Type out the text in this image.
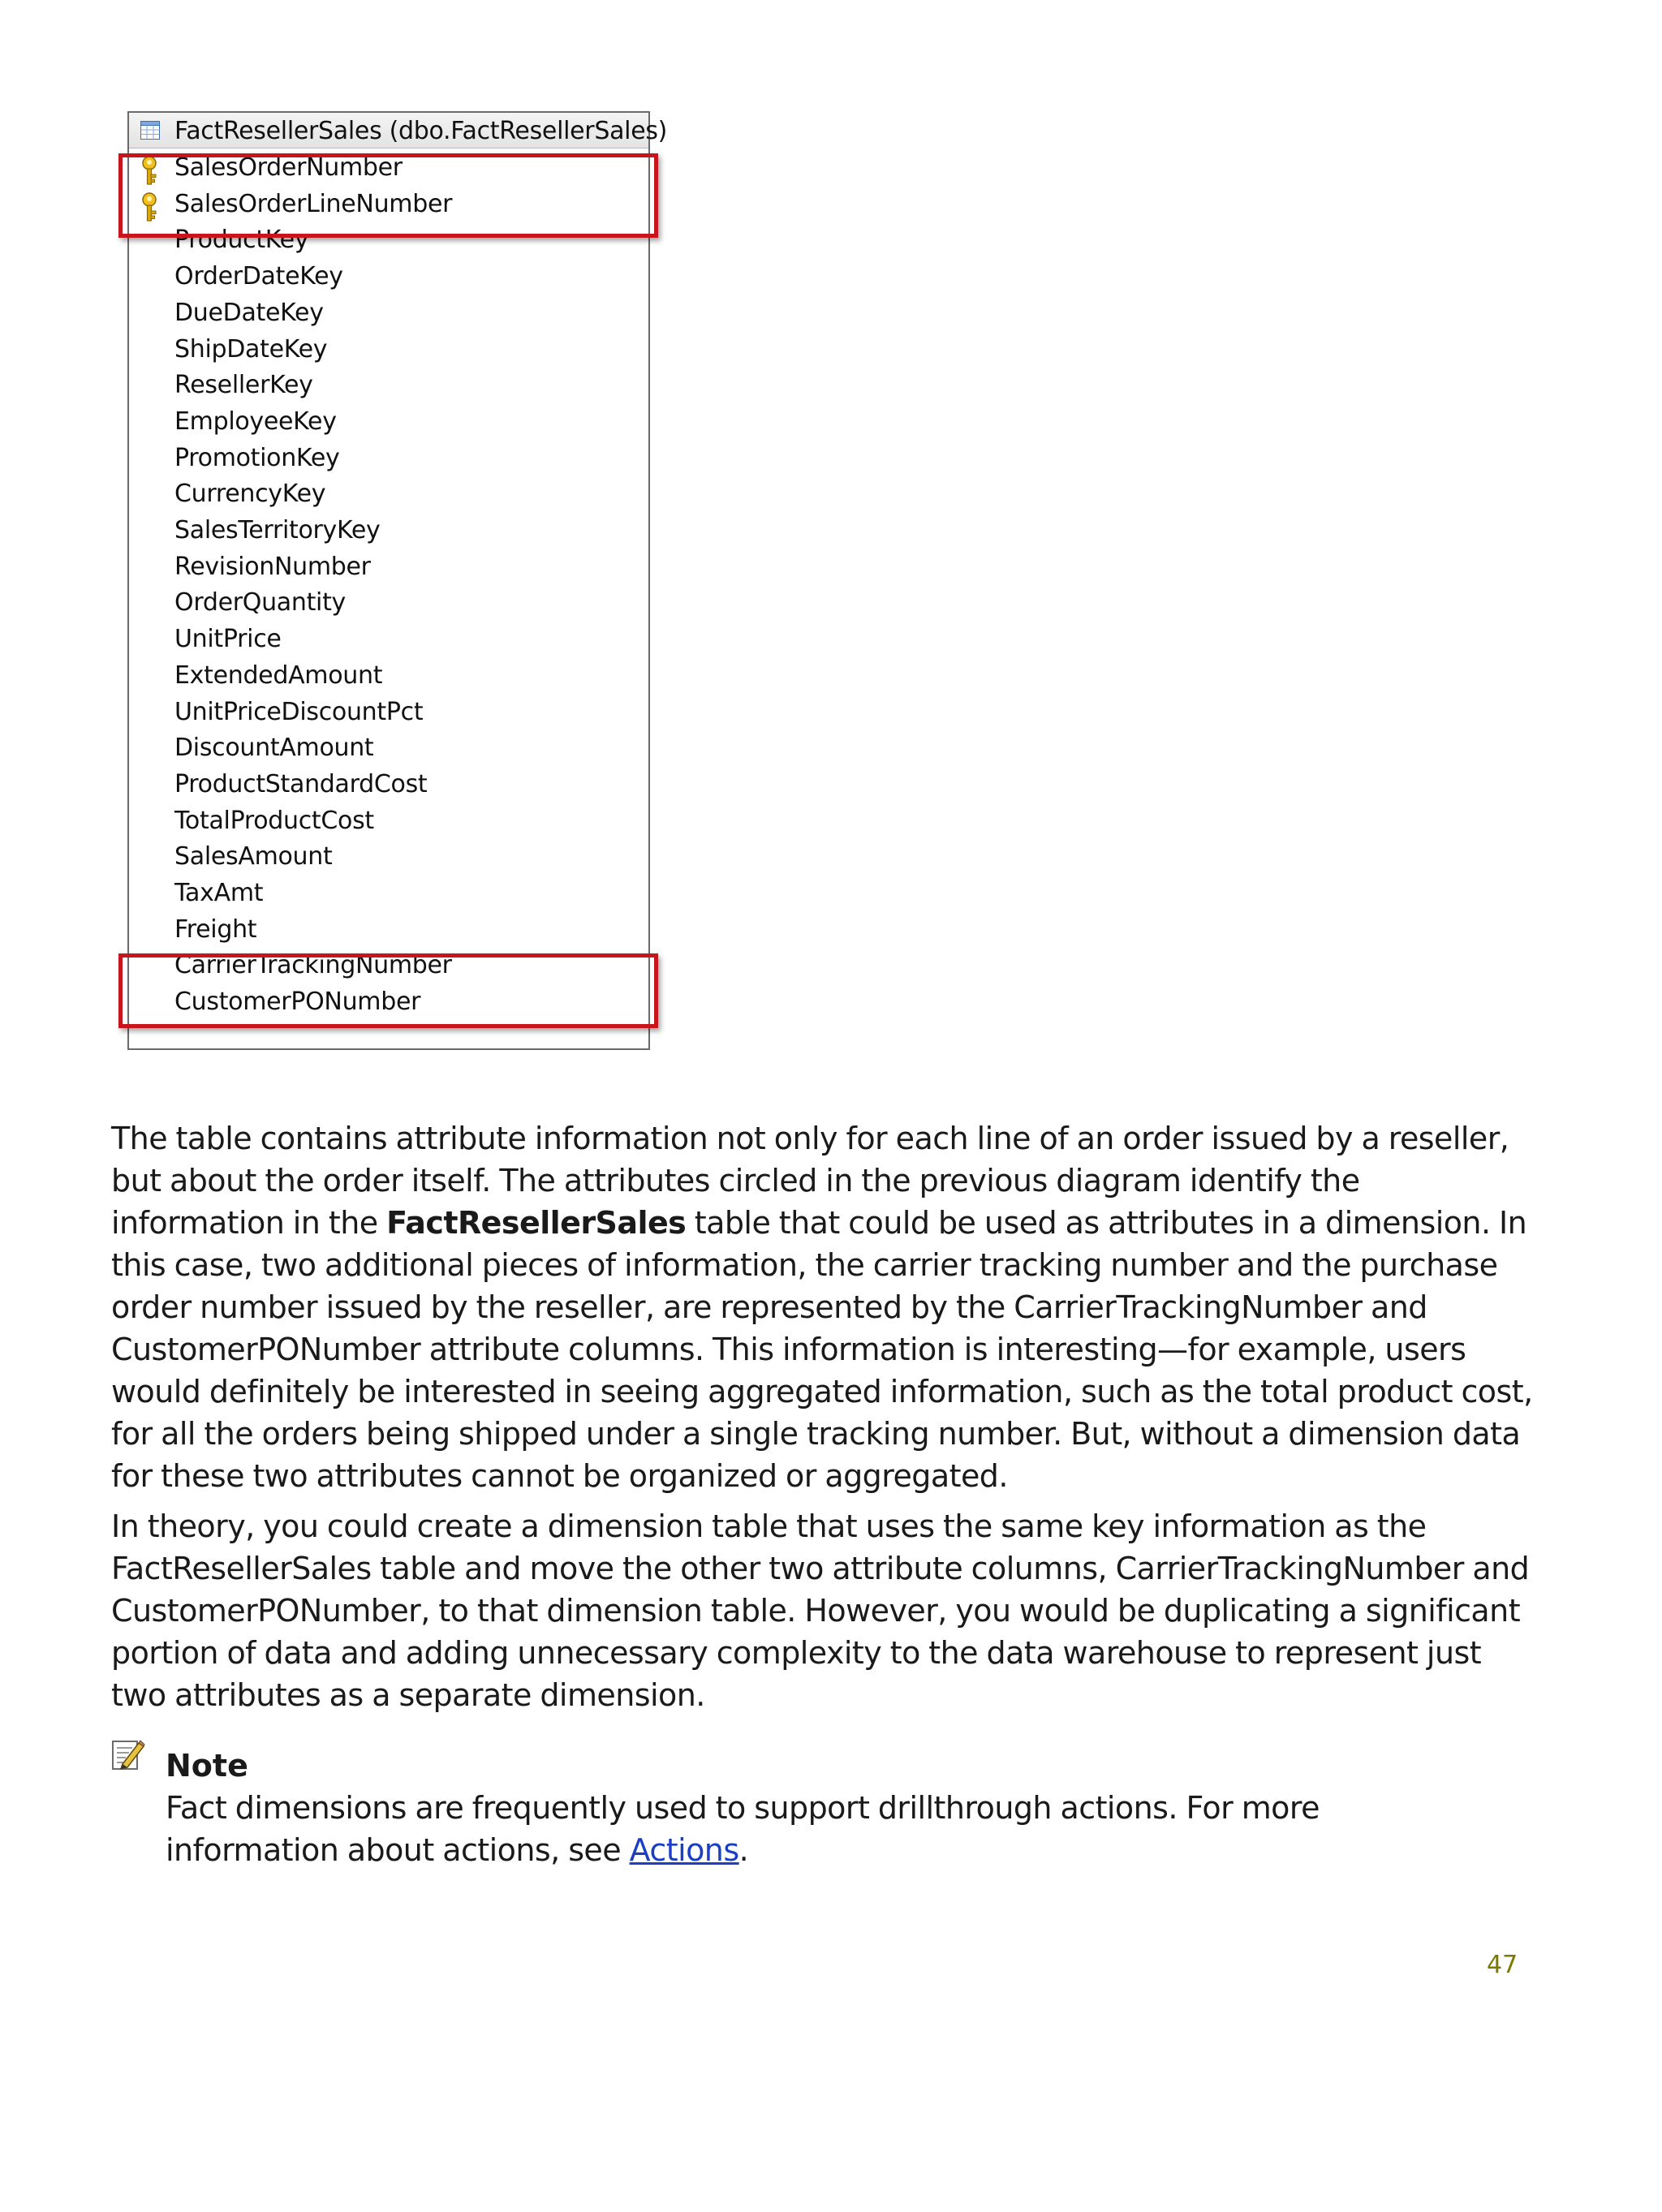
FactResellerSales (dbo.FactResellerSales)
SalesOrderNumber
SalesOrderLineNumber
ProductKey
OrderDateKey
DueDateKey
ShipDateKey
ResellerKey
EmployeeKey
PromotionKey
CurrencyKey
SalesTerritoryKey
RevisionNumber
OrderQuantity
UnitPrice
ExtendedAmount
UnitPriceDiscountPct
DiscountAmount
ProductStandardCost
TotalProductCost
SalesAmount
TaxAmt
Freight
CarrierTrackingNumber
CustomerPONumber

The table contains attribute information not only for each line of an order issued by a reseller, but about the order itself. The attributes circled in the previous diagram identify the information in the FactResellerSales table that could be used as attributes in a dimension. In this case, two additional pieces of information, the carrier tracking number and the purchase order number issued by the reseller, are represented by the CarrierTrackingNumber and CustomerPONumber attribute columns. This information is interesting—for example, users would definitely be interested in seeing aggregated information, such as the total product cost, for all the orders being shipped under a single tracking number. But, without a dimension data for these two attributes cannot be organized or aggregated.

In theory, you could create a dimension table that uses the same key information as the FactResellerSales table and move the other two attribute columns, CarrierTrackingNumber and CustomerPONumber, to that dimension table. However, you would be duplicating a significant portion of data and adding unnecessary complexity to the data warehouse to represent just two attributes as a separate dimension.

Note

Fact dimensions are frequently used to support drillthrough actions. For more information about actions, see Actions.

47
